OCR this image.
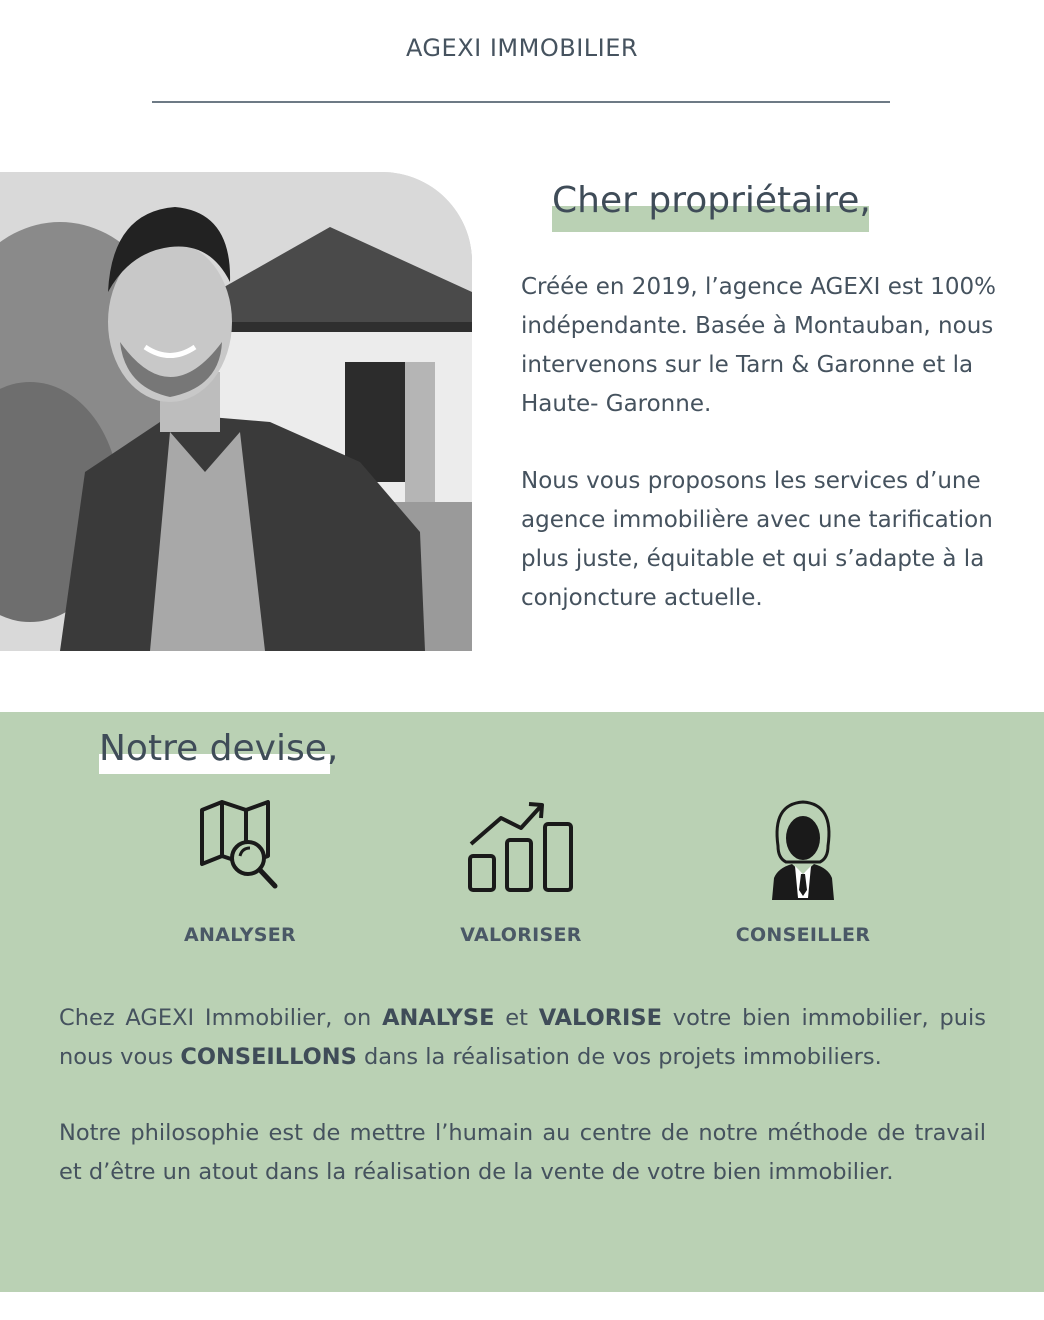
AGEXI IMMOBILIER
Cher propriétaire,

Créée en 2019, l’agence AGEXI est 100% indépendante. Basée à Montauban, nous intervenons sur le Tarn & Garonne et la Haute- Garonne.

Nous vous proposons les services d’une agence immobilière avec une tarification plus juste, équitable et qui s’adapte à la conjoncture actuelle.

Notre devise,
ANALYSER	VALORISER	CONSEILLER

Chez AGEXI Immobilier, on ANALYSE et VALORISE votre bien immobilier, puis nous vous CONSEILLONS dans la réalisation de vos projets immobiliers.

Notre philosophie est de mettre l’humain au centre de notre méthode de travail et d’être un atout dans la réalisation de la vente de votre bien immobilier.
